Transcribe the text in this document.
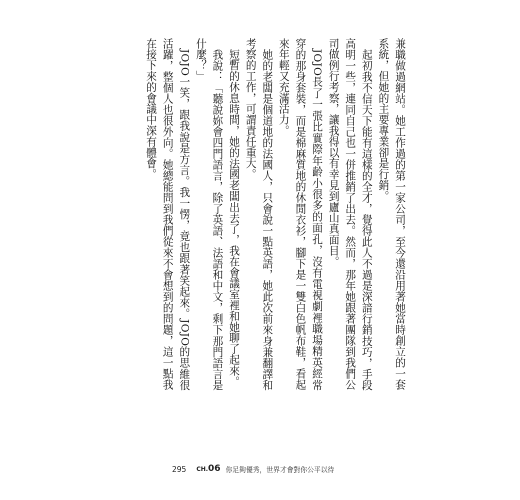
兼職做過網站。她工作過的第一家公司，至今還沿用著她當時創立的一套系統，但她的主要專業卻是行銷。

起初我不信天下能有這樣的全才，覺得此人不過是深諳行銷技巧，手段高明一些，連同自己也一併推銷了出去。然而，那年她跟著團隊到我們公司做例行考察，讓我得以有幸見到廬山真面目。

JOJO長了一張比實際年齡小很多的面孔，沒有電視劇裡職場精英經常穿的那身套裝，而是棉麻質地的休閒衣衫，腳下是一雙白色帆布鞋，看起來年輕又充滿活力。

她的老闆是個道地的法國人，只會說一點英語，她此次前來身兼翻譯和考察的工作，可謂責任重大。

短暫的休息時間，她的法國老闆出去了，我在會議室裡和她聊了起來。

我說：「聽說妳會四門語言，除了英語、法語和中文，剩下那門語言是什麼？」

JOJO一笑，跟我說是方言。我一愣，竟也跟著笑起來。JOJO的思維很活躍，整個人也很外向。她總能問到我們從來不會想到的問題，這一點我在接下來的會議中深有體會。

295 CH. 06 你足夠優秀，世界才會對你公平以待
